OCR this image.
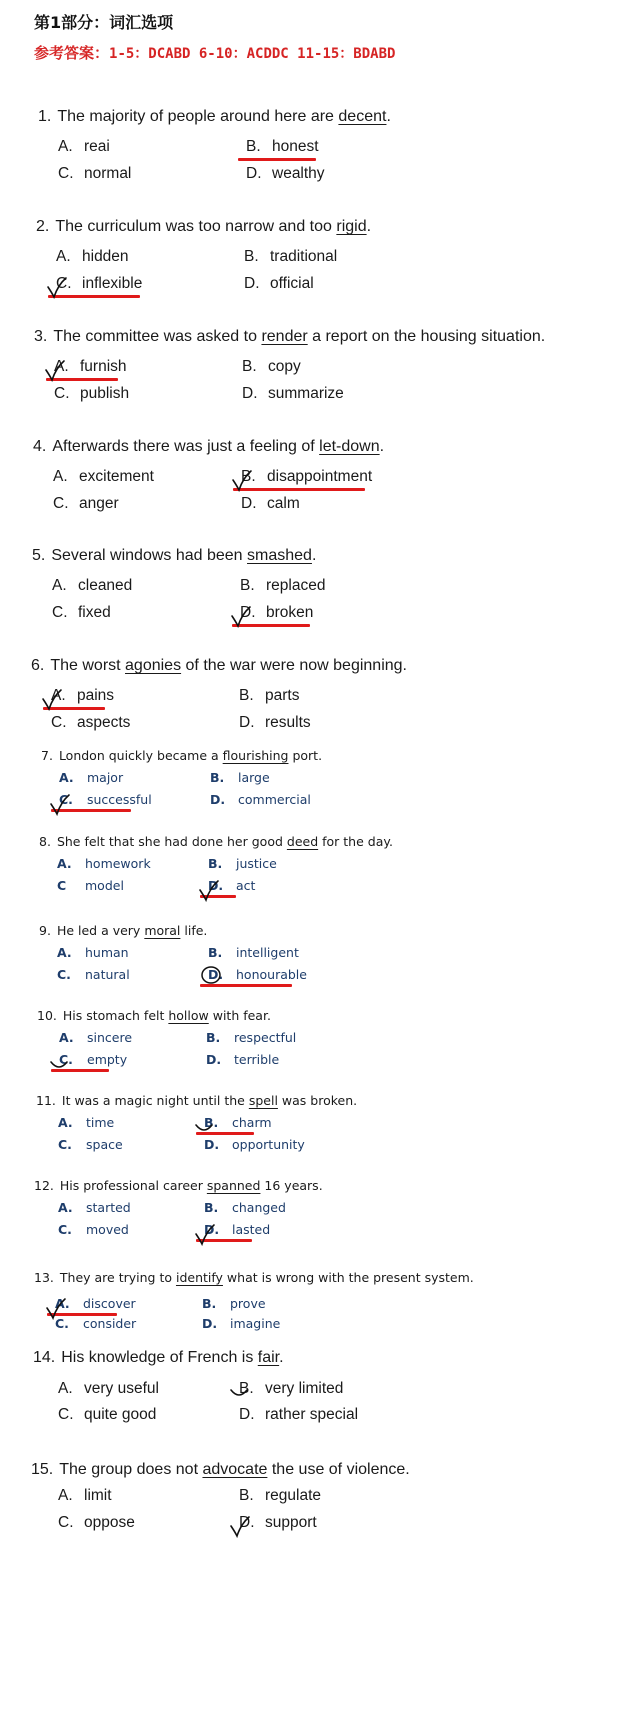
第1部分：词汇选项
参考答案：1-5：DCABD 6-10：ACDDC 11-15：BDABD
1. The majority of people around here are decent.
A. reai	B. honest
C. normal	D. wealthy
2. The curriculum was too narrow and too rigid.
A. hidden	B. traditional
C. inflexible	D. official
3. The committee was asked to render a report on the housing situation.
A. furnish	B. copy
C. publish	D. summarize
4. Afterwards there was just a feeling of let-down.
A. excitement	B. disappointment
C. anger	D. calm
5. Several windows had been smashed.
A. cleaned	B. replaced
C. fixed	D. broken
6. The worst agonies of the war were now beginning.
A. pains	B. parts
C. aspects	D. results
7. London quickly became a flourishing port.
A. major	B. large
C. successful	D. commercial
8. She felt that she had done her good deed for the day.
A. homework	B. justice
C model	D. act
9. He led a very moral life.
A. human	B. intelligent
C. natural	D. honourable
10. His stomach felt hollow with fear.
A. sincere	B. respectful
C. empty	D. terrible
11. It was a magic night until the spell was broken.
A. time	B. charm
C. space	D. opportunity
12. His professional career spanned 16 years.
A. started	B. changed
C. moved	D. lasted
13. They are trying to identify what is wrong with the present system.
A. discover	B. prove
C. consider	D. imagine
14. His knowledge of French is fair.
A. very useful	B. very limited
C. quite good	D. rather special
15. The group does not advocate the use of violence.
A. limit	B. regulate
C. oppose	D. support
